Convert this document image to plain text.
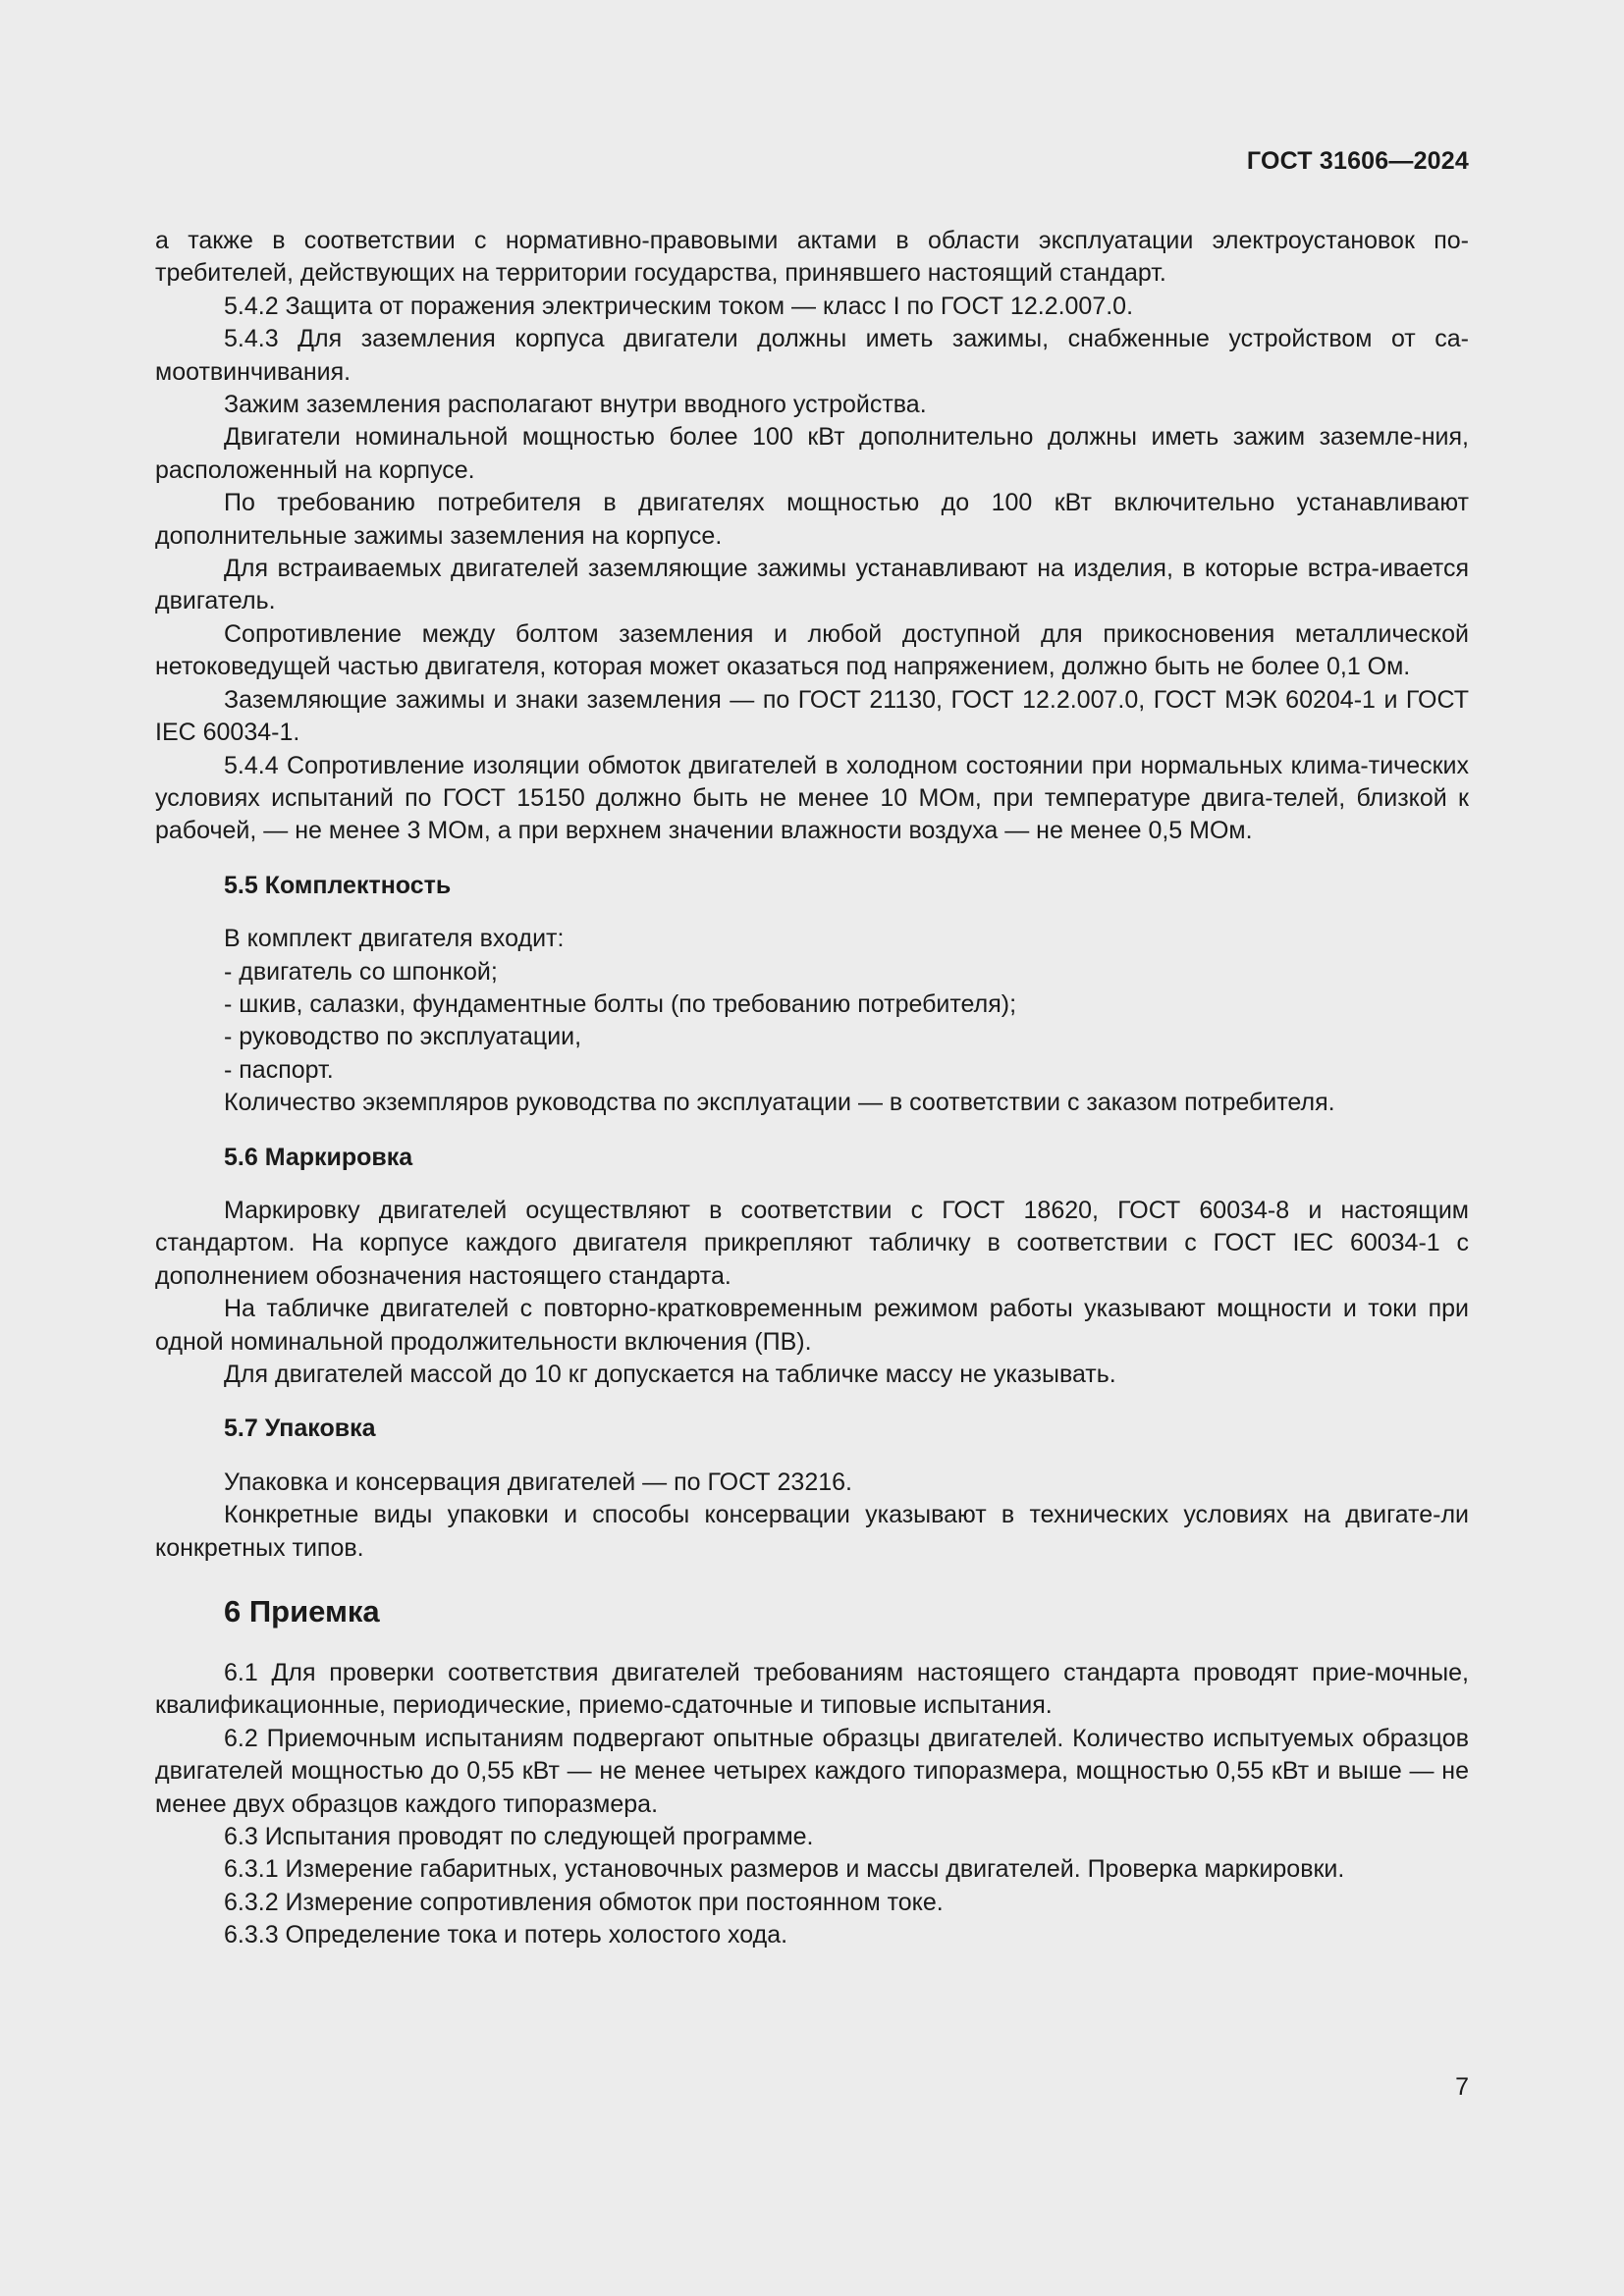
ГОСТ 31606—2024

а также в соответствии с нормативно-правовыми актами в области эксплуатации электроустановок по-требителей, действующих на территории государства, принявшего настоящий стандарт.

5.4.2 Защита от поражения электрическим током — класс I по ГОСТ 12.2.007.0.

5.4.3 Для заземления корпуса двигатели должны иметь зажимы, снабженные устройством от са-моотвинчивания.

Зажим заземления располагают внутри вводного устройства.

Двигатели номинальной мощностью более 100 кВт дополнительно должны иметь зажим заземле-ния, расположенный на корпусе.

По требованию потребителя в двигателях мощностью до 100 кВт включительно устанавливают дополнительные зажимы заземления на корпусе.

Для встраиваемых двигателей заземляющие зажимы устанавливают на изделия, в которые встра-ивается двигатель.

Сопротивление между болтом заземления и любой доступной для прикосновения металлической нетоковедущей частью двигателя, которая может оказаться под напряжением, должно быть не более 0,1 Ом.

Заземляющие зажимы и знаки заземления — по ГОСТ 21130, ГОСТ 12.2.007.0, ГОСТ МЭК 60204-1 и ГОСТ IEC 60034-1.

5.4.4 Сопротивление изоляции обмоток двигателей в холодном состоянии при нормальных клима-тических условиях испытаний по ГОСТ 15150 должно быть не менее 10 МОм, при температуре двига-телей, близкой к рабочей, — не менее 3 МОм, а при верхнем значении влажности воздуха — не менее 0,5 МОм.

5.5 Комплектность

В комплект двигателя входит:

- двигатель со шпонкой;

- шкив, салазки, фундаментные болты (по требованию потребителя);

- руководство по эксплуатации,

- паспорт.

Количество экземпляров руководства по эксплуатации — в соответствии с заказом потребителя.

5.6 Маркировка

Маркировку двигателей осуществляют в соответствии с ГОСТ 18620, ГОСТ 60034-8 и настоящим стандартом. На корпусе каждого двигателя прикрепляют табличку в соответствии с ГОСТ IEC 60034-1 с дополнением обозначения настоящего стандарта.

На табличке двигателей с повторно-кратковременным режимом работы указывают мощности и токи при одной номинальной продолжительности включения (ПВ).

Для двигателей массой до 10 кг допускается на табличке массу не указывать.

5.7 Упаковка

Упаковка и консервация двигателей — по ГОСТ 23216.

Конкретные виды упаковки и способы консервации указывают в технических условиях на двигате-ли конкретных типов.

6 Приемка

6.1 Для проверки соответствия двигателей требованиям настоящего стандарта проводят прие-мочные, квалификационные, периодические, приемо-сдаточные и типовые испытания.

6.2 Приемочным испытаниям подвергают опытные образцы двигателей. Количество испытуемых образцов двигателей мощностью до 0,55 кВт — не менее четырех каждого типоразмера, мощностью 0,55 кВт и выше — не менее двух образцов каждого типоразмера.

6.3 Испытания проводят по следующей программе.

6.3.1 Измерение габаритных, установочных размеров и массы двигателей. Проверка маркировки.

6.3.2 Измерение сопротивления обмоток при постоянном токе.

6.3.3 Определение тока и потерь холостого хода.

7
